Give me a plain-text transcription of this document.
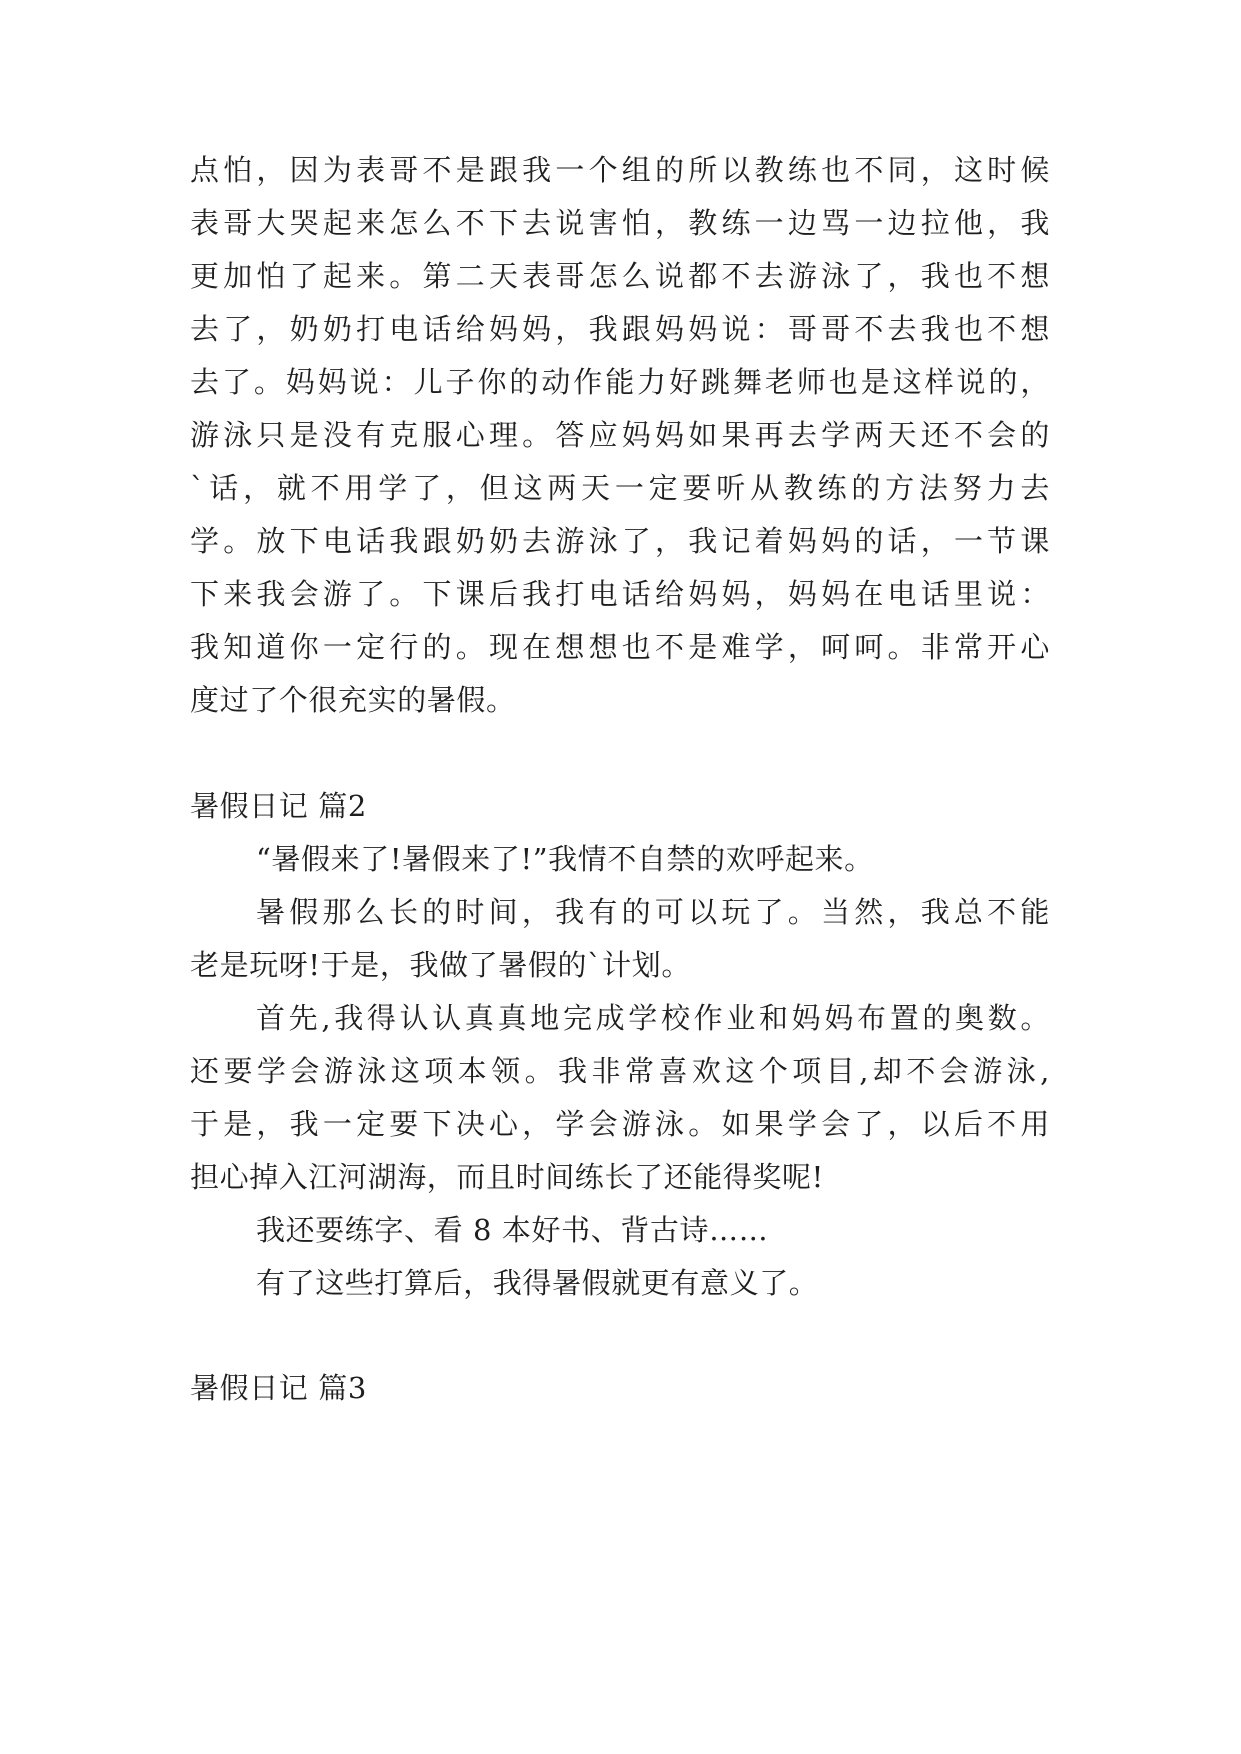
点怕，因为表哥不是跟我一个组的所以教练也不同，这时候
表哥大哭起来怎么不下去说害怕，教练一边骂一边拉他，我
更加怕了起来。第二天表哥怎么说都不去游泳了，我也不想
去了，奶奶打电话给妈妈，我跟妈妈说：哥哥不去我也不想
去了。妈妈说：儿子你的动作能力好跳舞老师也是这样说的，
游泳只是没有克服心理。答应妈妈如果再去学两天还不会的
`话，就不用学了，但这两天一定要听从教练的方法努力去
学。放下电话我跟奶奶去游泳了，我记着妈妈的话，一节课
下来我会游了。下课后我打电话给妈妈，妈妈在电话里说：
我知道你一定行的。现在想想也不是难学，呵呵。非常开心
度过了个很充实的暑假。
暑假日记 篇2
“暑假来了!暑假来了!”我情不自禁的欢呼起来。
暑假那么长的时间，我有的可以玩了。当然，我总不能
老是玩呀!于是，我做了暑假的`计划。
首先,我得认认真真地完成学校作业和妈妈布置的奥数。
还要学会游泳这项本领。我非常喜欢这个项目,却不会游泳,
于是，我一定要下决心，学会游泳。如果学会了，以后不用
担心掉入江河湖海，而且时间练长了还能得奖呢!
我还要练字、看 8 本好书、背古诗……
有了这些打算后，我得暑假就更有意义了。
暑假日记 篇3
